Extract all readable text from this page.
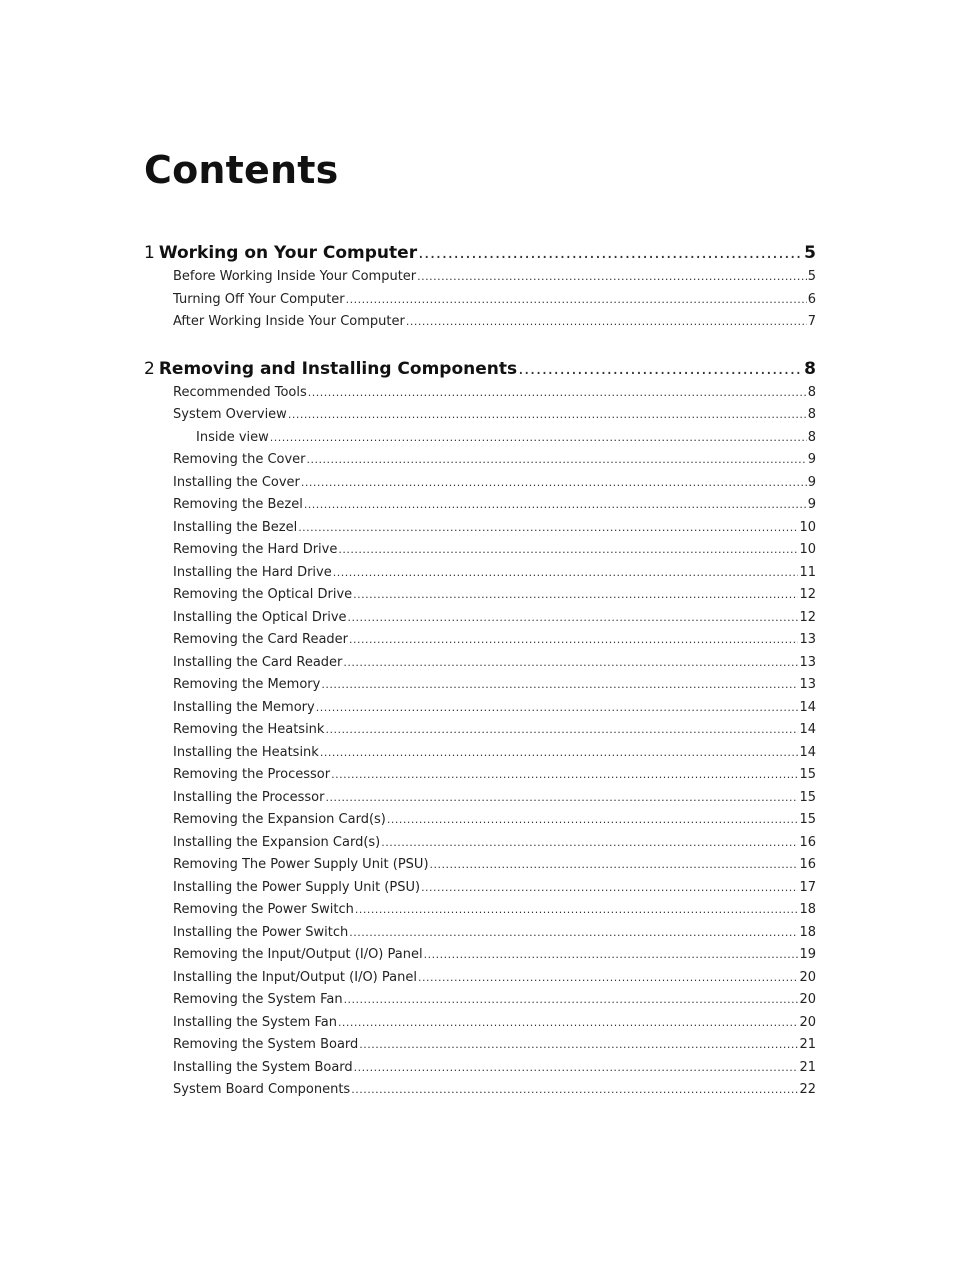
Contents
1 Working on Your Computer .....	5
Before Working Inside Your Computer .....	5
Turning Off Your Computer .....	6
After Working Inside Your Computer .....	7
2 Removing and Installing Components .....	8
Recommended Tools .....	8
System Overview .....	8
Inside view .....	8
Removing the Cover .....	9
Installing the Cover .....	9
Removing the Bezel .....	9
Installing the Bezel .....	10
Removing the Hard Drive .....	10
Installing the Hard Drive .....	11
Removing the Optical Drive .....	12
Installing the Optical Drive .....	12
Removing the Card Reader .....	13
Installing the Card Reader .....	13
Removing the Memory .....	13
Installing the Memory .....	14
Removing the Heatsink .....	14
Installing the Heatsink .....	14
Removing the Processor .....	15
Installing the Processor .....	15
Removing the Expansion Card(s) .....	15
Installing the Expansion Card(s) .....	16
Removing The Power Supply Unit (PSU) .....	16
Installing the Power Supply Unit (PSU) .....	17
Removing the Power Switch .....	18
Installing the Power Switch .....	18
Removing the Input/Output (I/O) Panel .....	19
Installing the Input/Output (I/O) Panel .....	20
Removing the System Fan .....	20
Installing the System Fan .....	20
Removing the System Board .....	21
Installing the System Board .....	21
System Board Components .....	22
